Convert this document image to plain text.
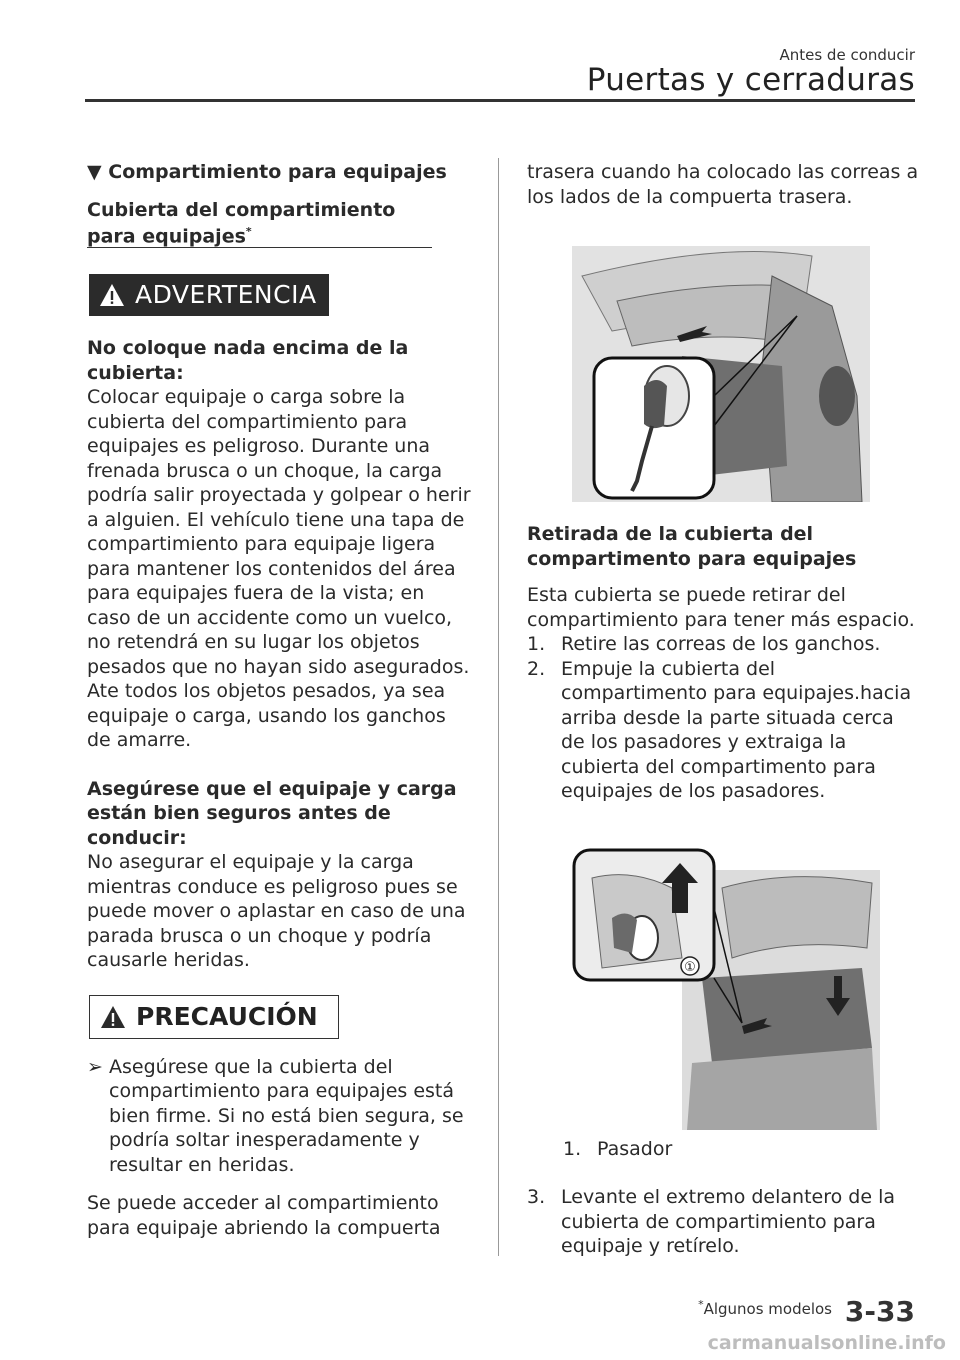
Antes de conducir
Puertas y cerraduras

▼ Compartimiento para equipajes

Cubierta del compartimiento para equipajes*
ADVERTENCIA

No coloque nada encima de la cubierta:

Colocar equipaje o carga sobre la cubierta del compartimiento para equipajes es peligroso. Durante una frenada brusca o un choque, la carga podría salir proyectada y golpear o herir a alguien. El vehículo tiene una tapa de compartimiento para equipaje ligera para mantener los contenidos del área para equipajes fuera de la vista; en caso de un accidente como un vuelco, no retendrá en su lugar los objetos pesados que no hayan sido asegurados. Ate todos los objetos pesados, ya sea equipaje o carga, usando los ganchos de amarre.

Asegúrese que el equipaje y carga están bien seguros antes de conducir:

No asegurar el equipaje y la carga mientras conduce es peligroso pues se puede mover o aplastar en caso de una parada brusca o un choque y podría causarle heridas.

PRECAUCIÓN
➢ Asegúrese que la cubierta del compartimiento para equipajes está bien firme. Si no está bien segura, se podría soltar inesperadamente y resultar en heridas.

Se puede acceder al compartimiento para equipaje abriendo la compuerta

trasera cuando ha colocado las correas a los lados de la compuerta trasera.

Retirada de la cubierta del compartimento para equipajes

Esta cubierta se puede retirar del compartimiento para tener más espacio.

1. Retire las correas de los ganchos.
2. Empuje la cubierta del compartimento para equipajes.hacia arriba desde la parte situada cerca de los pasadores y extraiga la cubierta del compartimento para equipajes de los pasadores.
①
1. Pasador
3. Levante el extremo delantero de la cubierta de compartimiento para equipaje y retírelo.
*Algunos modelos 3-33
carmanualsonline.info
